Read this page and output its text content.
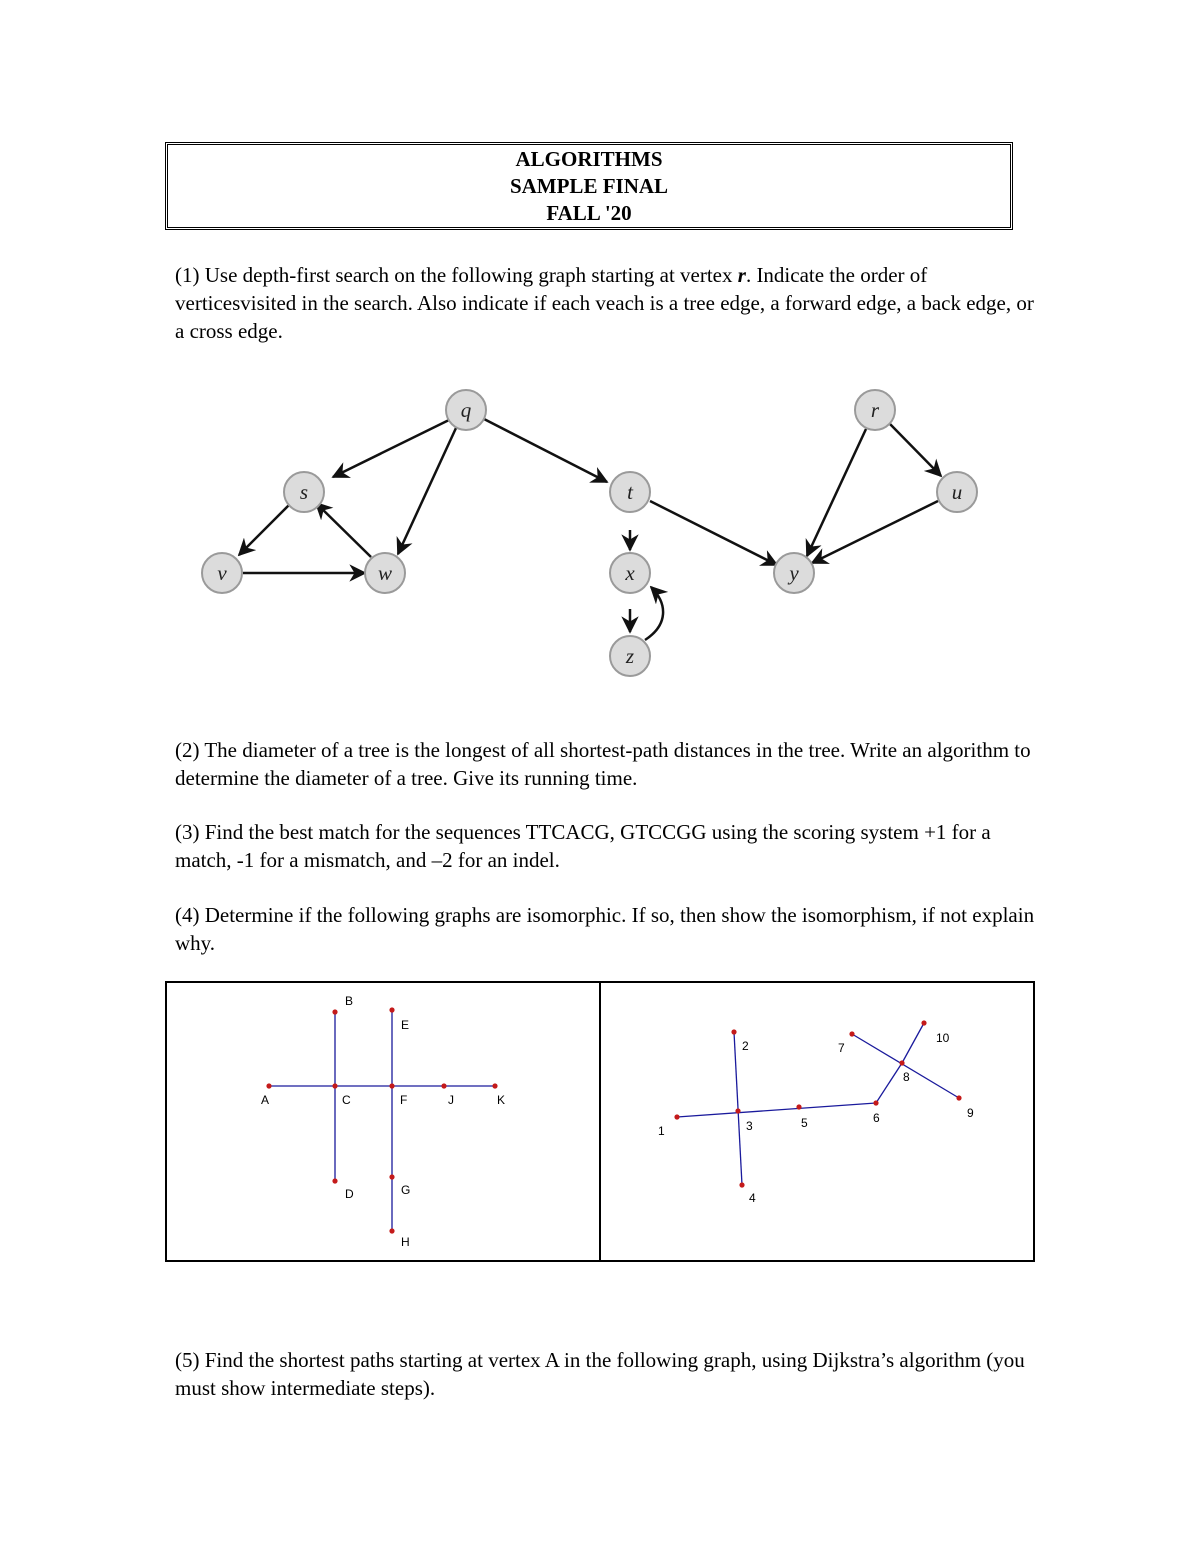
ALGORITHMS
SAMPLE FINAL
FALL '20

(1) Use depth-first search on the following graph starting at vertex r. Indicate the order of verticesvisited in the search. Also indicate if each veach is a tree edge, a forward edge, a back edge, or a cross edge.

q	r
s	t	u
v	w	x	y
z

(2) The diameter of a tree is the longest of all shortest-path distances in the tree. Write an algorithm to determine the diameter of a tree. Give its running time.

(3) Find the best match for the sequences TTCACG, GTCCGG using the scoring system +1 for a match, -1 for a mismatch, and –2 for an indel.

(4) Determine if the following graphs are isomorphic. If so, then show the isomorphism, if not explain why.

B
E
A	C	F	J	K
D	G
H
2
10
7
8
1	3	5	6	9
4

(5) Find the shortest paths starting at vertex A in the following graph, using Dijkstra’s algorithm (you must show intermediate steps).
